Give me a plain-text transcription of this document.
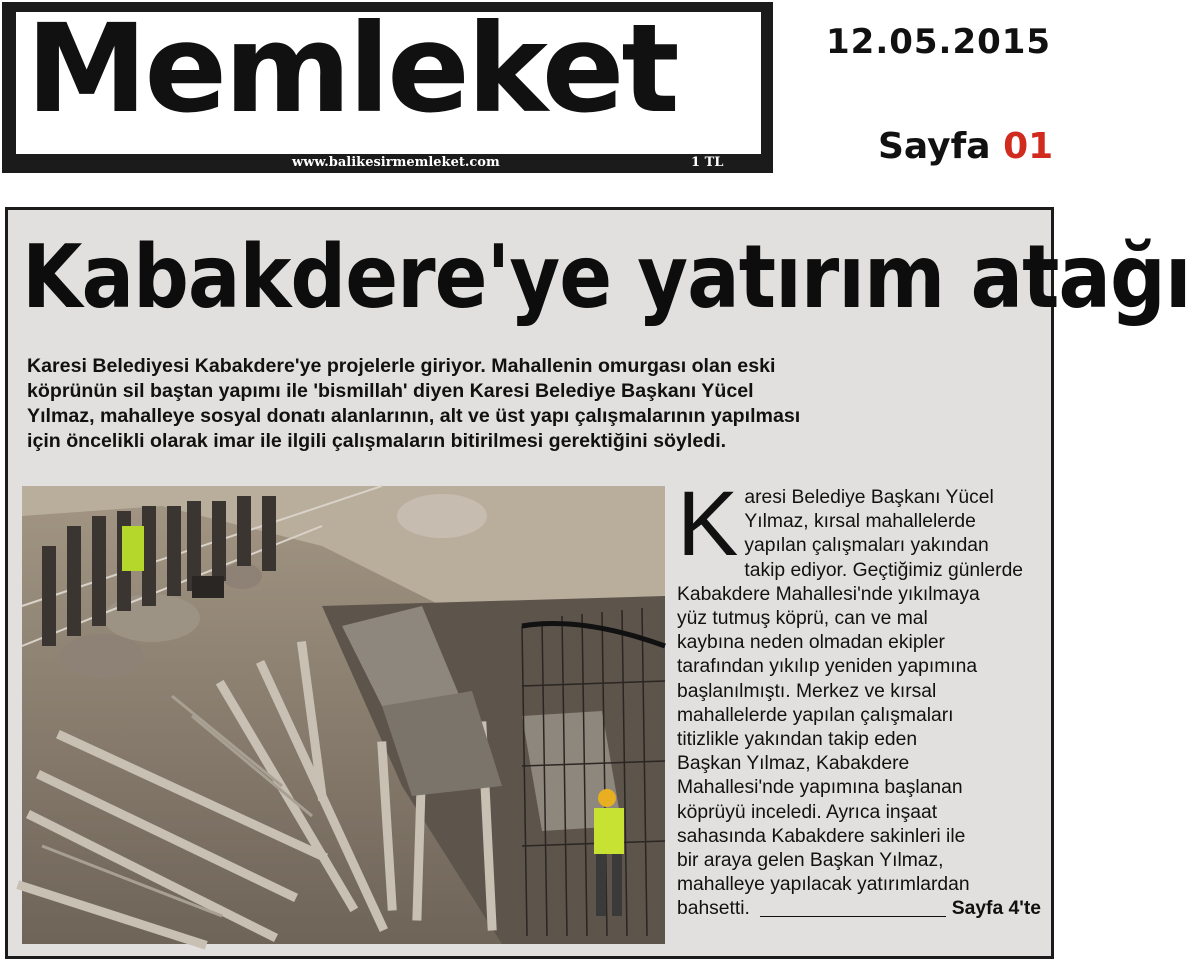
Memleket
www.balikesirmemleket.com	1 TL
12.05.2015
Sayfa 01
Kabakdere'ye yatırım atağı
Karesi Belediyesi Kabakdere'ye projelerle giriyor. Mahallenin omurgası olan eski
köprünün sil baştan yapımı ile 'bismillah' diyen Karesi Belediye Başkanı Yücel
Yılmaz, mahalleye sosyal donatı alanlarının, alt ve üst yapı çalışmalarının yapılması
için öncelikli olarak imar ile ilgili çalışmaların bitirilmesi gerektiğini söyledi.
K aresi Belediye Başkanı Yücel
Yılmaz, kırsal mahallelerde
yapılan çalışmaları yakından
takip ediyor. Geçtiğimiz günlerde
Kabakdere Mahallesi'nde yıkılmaya
yüz tutmuş köprü, can ve mal
kaybına neden olmadan ekipler
tarafından yıkılıp yeniden yapımına
başlanılmıştı. Merkez ve kırsal
mahallelerde yapılan çalışmaları
titizlikle yakından takip eden
Başkan Yılmaz, Kabakdere
Mahallesi'nde yapımına başlanan
köprüyü inceledi. Ayrıca inşaat
sahasında Kabakdere sakinleri ile
bir araya gelen Başkan Yılmaz,
mahalleye yapılacak yatırımlardan
bahsetti.	Sayfa 4'te
